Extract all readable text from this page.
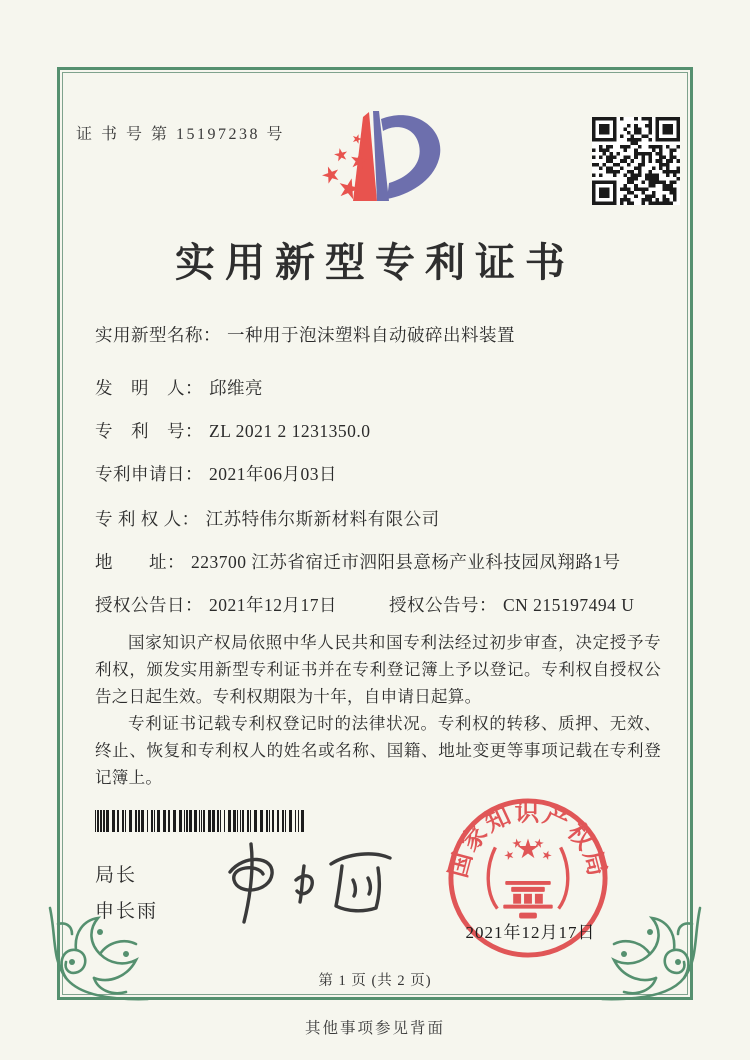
证 书 号 第 15197238 号
实用新型专利证书
实用新型名称： 一种用于泡沫塑料自动破碎出料装置
发　明　人： 邱维亮
专　利　号： ZL 2021 2 1231350.0
专利申请日： 2021年06月03日
专 利 权 人： 江苏特伟尔斯新材料有限公司
地　　址： 223700 江苏省宿迁市泗阳县意杨产业科技园凤翔路1号
授权公告日： 2021年12月17日	授权公告号： CN 215197494 U

国家知识产权局依照中华人民共和国专利法经过初步审查，决定授予专利权，颁发实用新型专利证书并在专利登记簿上予以登记。专利权自授权公告之日起生效。专利权期限为十年，自申请日起算。

专利证书记载专利权登记时的法律状况。专利权的转移、质押、无效、终止、恢复和专利权人的姓名或名称、国籍、地址变更等事项记载在专利登记簿上。

局长
申长雨
国家知识产权局
2021年12月17日
第 1 页 (共 2 页)
其他事项参见背面
